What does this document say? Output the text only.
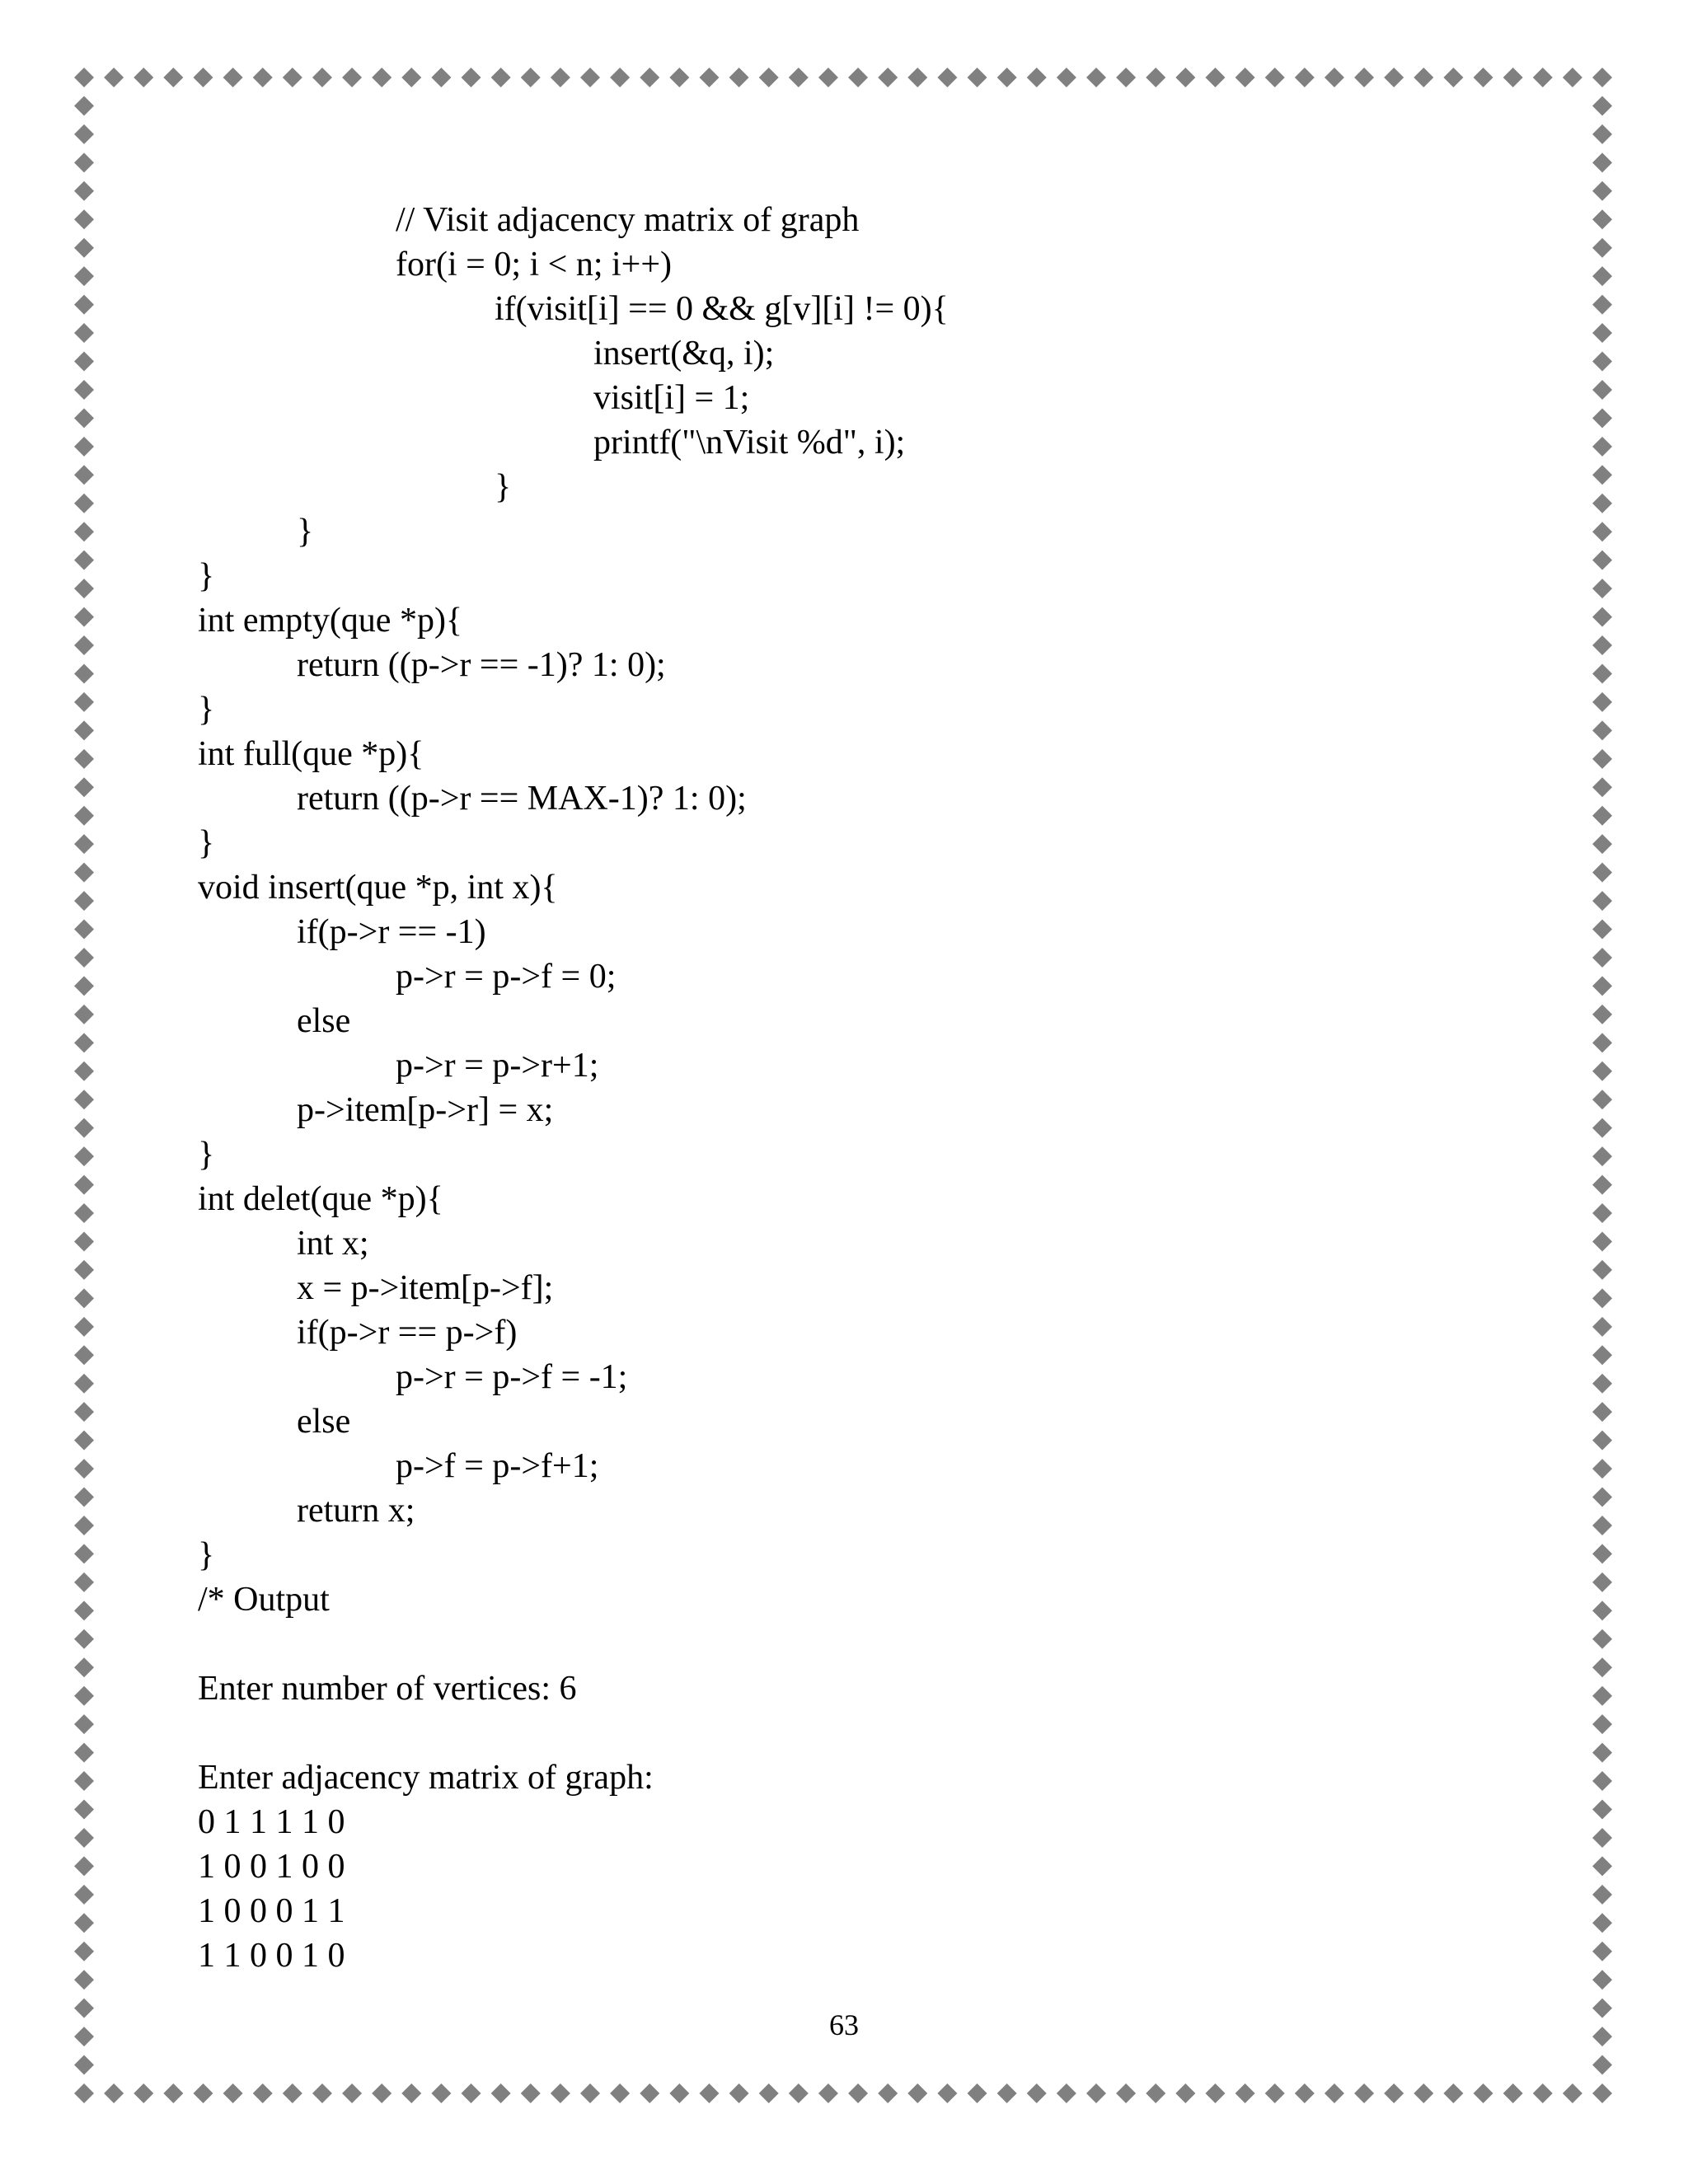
// Visit adjacency matrix of graph
for(i = 0; i < n; i++)
if(visit[i] == 0 && g[v][i] != 0){
insert(&q, i);
visit[i] = 1;
printf("\nVisit %d", i);
}
}
}
int empty(que *p){
return ((p->r == -1)? 1: 0);
}
int full(que *p){
return ((p->r == MAX-1)? 1: 0);
}
void insert(que *p, int x){
if(p->r == -1)
p->r = p->f = 0;
else
p->r = p->r+1;
p->item[p->r] = x;
}
int delet(que *p){
int x;
x = p->item[p->f];
if(p->r == p->f)
p->r = p->f = -1;
else
p->f = p->f+1;
return x;
}
/* Output
Enter number of vertices: 6
Enter adjacency matrix of graph:
0 1 1 1 1 0
1 0 0 1 0 0
1 0 0 0 1 1
1 1 0 0 1 0
63
